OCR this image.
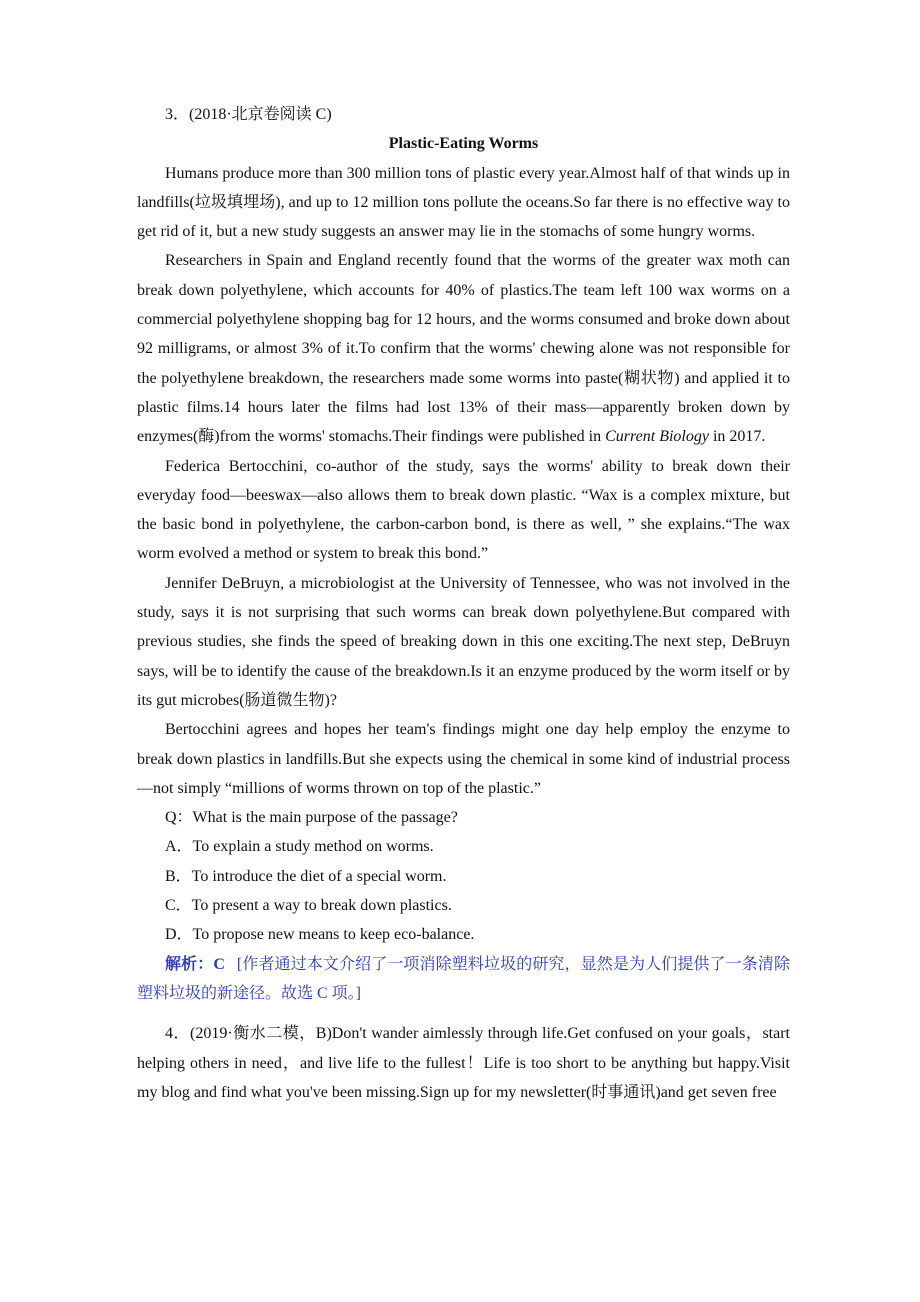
3．(2018·北京卷阅读 C)
Plastic-Eating Worms
Humans produce more than 300 million tons of plastic every year.Almost half of that winds up in landfills(垃圾填埋场), and up to 12 million tons pollute the oceans.So far there is no effective way to get rid of it, but a new study suggests an answer may lie in the stomachs of some hungry worms.
Researchers in Spain and England recently found that the worms of the greater wax moth can break down polyethylene, which accounts for 40% of plastics.The team left 100 wax worms on a commercial polyethylene shopping bag for 12 hours, and the worms consumed and broke down about 92 milligrams, or almost 3% of it.To confirm that the worms' chewing alone was not responsible for the polyethylene breakdown, the researchers made some worms into paste(糊状物) and applied it to plastic films.14 hours later the films had lost 13% of their mass—apparently broken down by enzymes(酶)from the worms' stomachs.Their findings were published in Current Biology in 2017.
Federica Bertocchini, co-author of the study, says the worms' ability to break down their everyday food—beeswax—also allows them to break down plastic. “Wax is a complex mixture, but the basic bond in polyethylene, the carbon-carbon bond, is there as well, ” she explains.“The wax worm evolved a method or system to break this bond.”
Jennifer DeBruyn, a microbiologist at the University of Tennessee, who was not involved in the study, says it is not surprising that such worms can break down polyethylene.But compared with previous studies, she finds the speed of breaking down in this one exciting.The next step, DeBruyn says, will be to identify the cause of the breakdown.Is it an enzyme produced by the worm itself or by its gut microbes(肠道微生物)?
Bertocchini agrees and hopes her team's findings might one day help employ the enzyme to break down plastics in landfills.But she expects using the chemical in some kind of industrial process—not simply “millions of worms thrown on top of the plastic.”
Q：What is the main purpose of the passage?
A．To explain a study method on worms.
B．To introduce the diet of a special worm.
C．To present a way to break down plastics.
D．To propose new means to keep eco-balance.
解析：C [作者通过本文介绍了一项消除塑料垃圾的研究，显然是为人们提供了一条清除塑料垃圾的新途径。故选 C 项。]
4．(2019·衡水二模，B)Don't wander aimlessly through life.Get confused on your goals，start helping others in need，and live life to the fullest！Life is too short to be anything but happy.Visit my blog and find what you've been missing.Sign up for my newsletter(时事通讯)and get seven free
